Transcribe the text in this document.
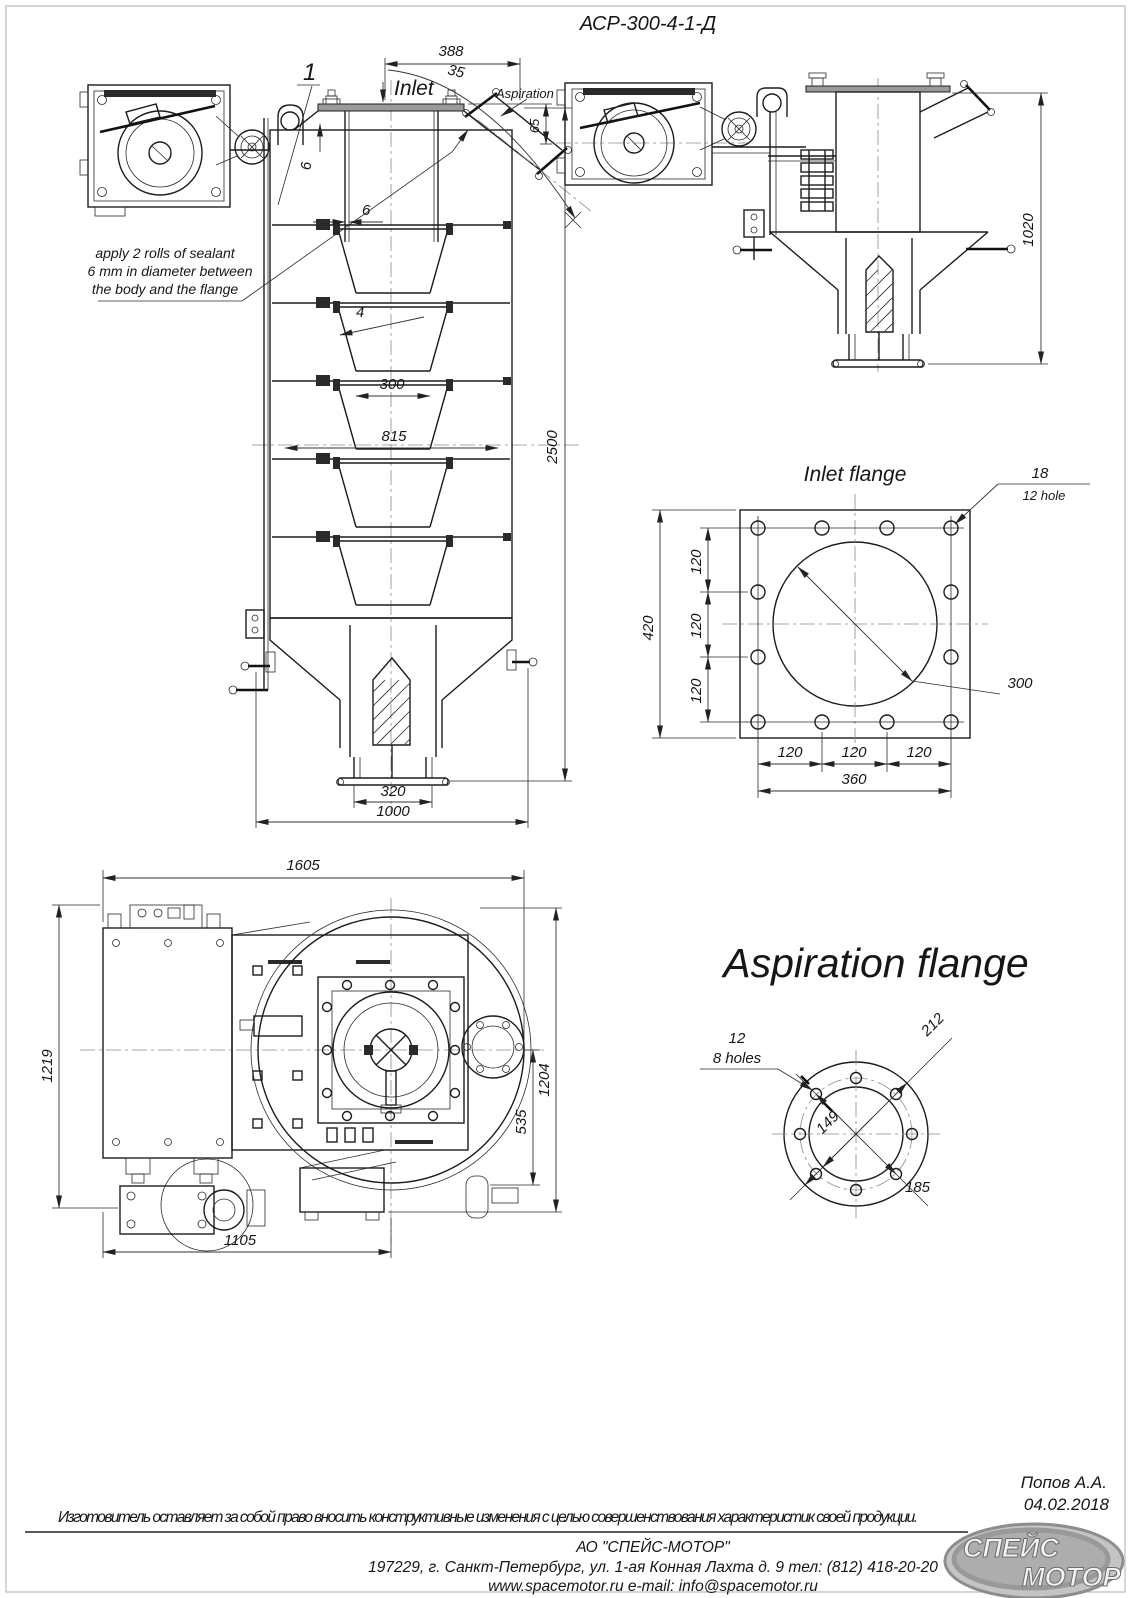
АСР-300-4-1-Д
1
388
35
Inlet	Aspiration
65
6
6
4
300
815	2500
320
1000
apply 2 rolls of sealant
6 mm in diameter between
the body and the flange
1020
Inlet flange
420
120
120
120
120	120	120
360
18
12 hole
300
1605
1219	1204
535
1105
Aspiration flange
212
185
149
12
8 holes
Попов А.А.
04.02.2018
Изготовитель оставляет за собой право вносить конструктивные изменения с целью совершенствования характеристик своей продукции.
АО "СПЕЙС-МОТОР"
197229, г. Санкт-Петербург, ул. 1-ая Конная Лахта д. 9 тел: (812) 418-20-20
www.spacemotor.ru e-mail: info@spacemotor.ru
СПЕЙС
МОТОР
